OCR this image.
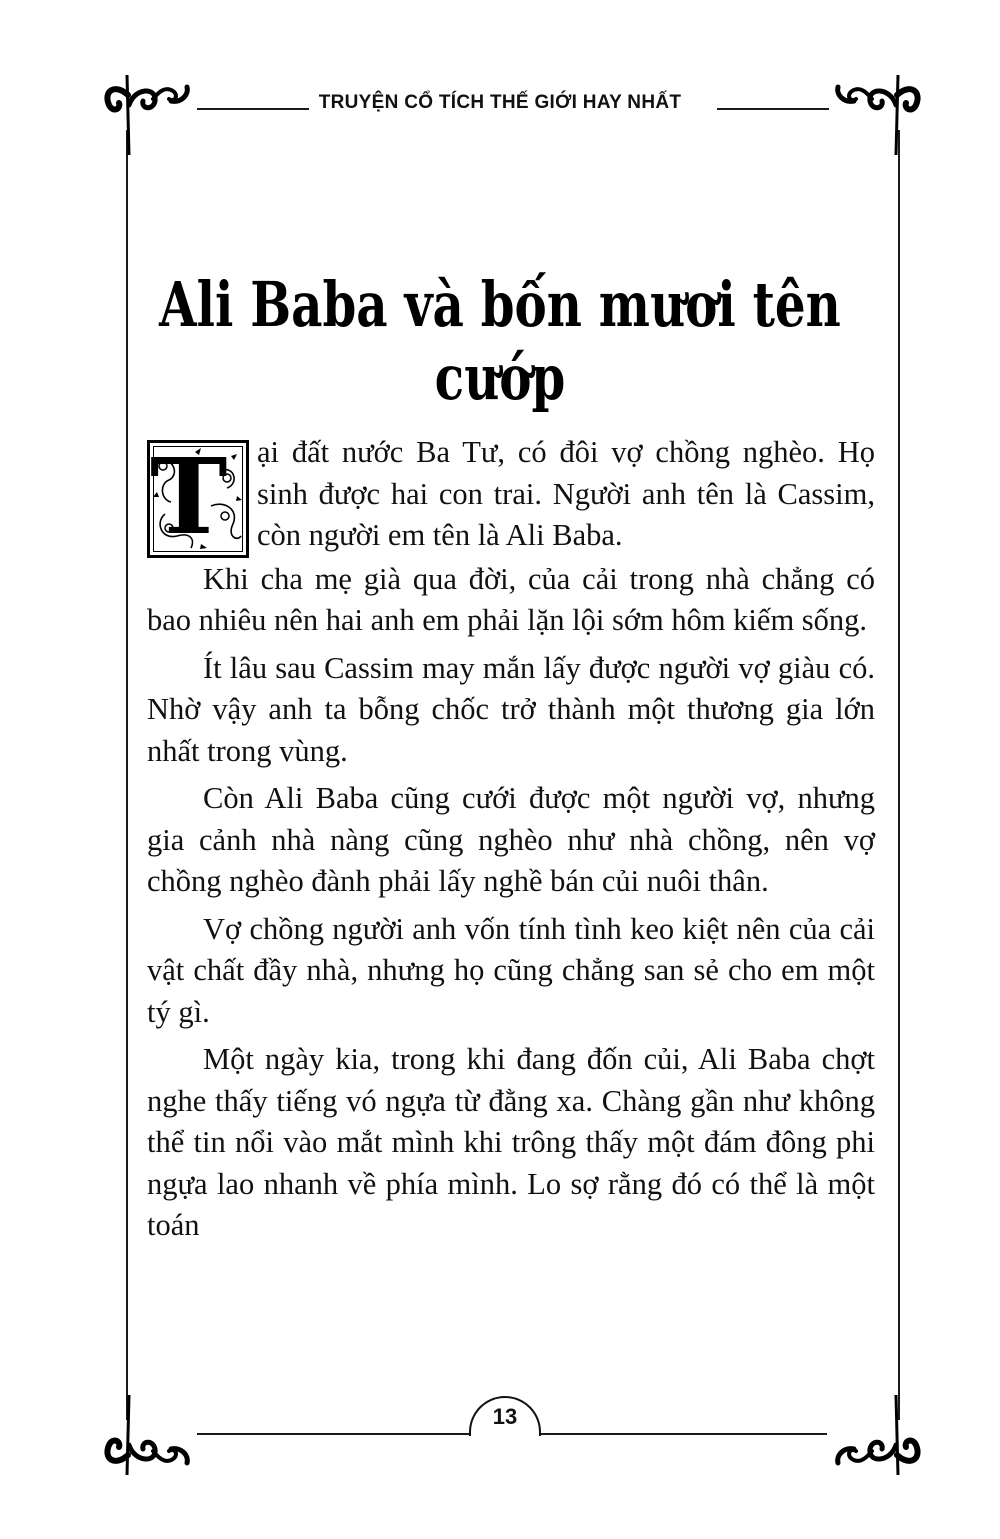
TRUYỆN CỔ TÍCH THẾ GIỚI HAY NHẤT
Ali Baba và bốn mươi tên cướp

T ại đất nước Ba Tư, có đôi vợ chồng nghèo. Họ sinh được hai con trai. Người anh tên là Cassim, còn người em tên là Ali Baba.

Khi cha mẹ già qua đời, của cải trong nhà chẳng có bao nhiêu nên hai anh em phải lặn lội sớm hôm kiếm sống.

Ít lâu sau Cassim may mắn lấy được người vợ giàu có. Nhờ vậy anh ta bỗng chốc trở thành một thương gia lớn nhất trong vùng.

Còn Ali Baba cũng cưới được một người vợ, nhưng gia cảnh nhà nàng cũng nghèo như nhà chồng, nên vợ chồng nghèo đành phải lấy nghề bán củi nuôi thân.

Vợ chồng người anh vốn tính tình keo kiệt nên của cải vật chất đầy nhà, nhưng họ cũng chẳng san sẻ cho em một tý gì.

Một ngày kia, trong khi đang đốn củi, Ali Baba chợt nghe thấy tiếng vó ngựa từ đằng xa. Chàng gần như không thể tin nổi vào mắt mình khi trông thấy một đám đông phi ngựa lao nhanh về phía mình. Lo sợ rằng đó có thể là một toán

13
